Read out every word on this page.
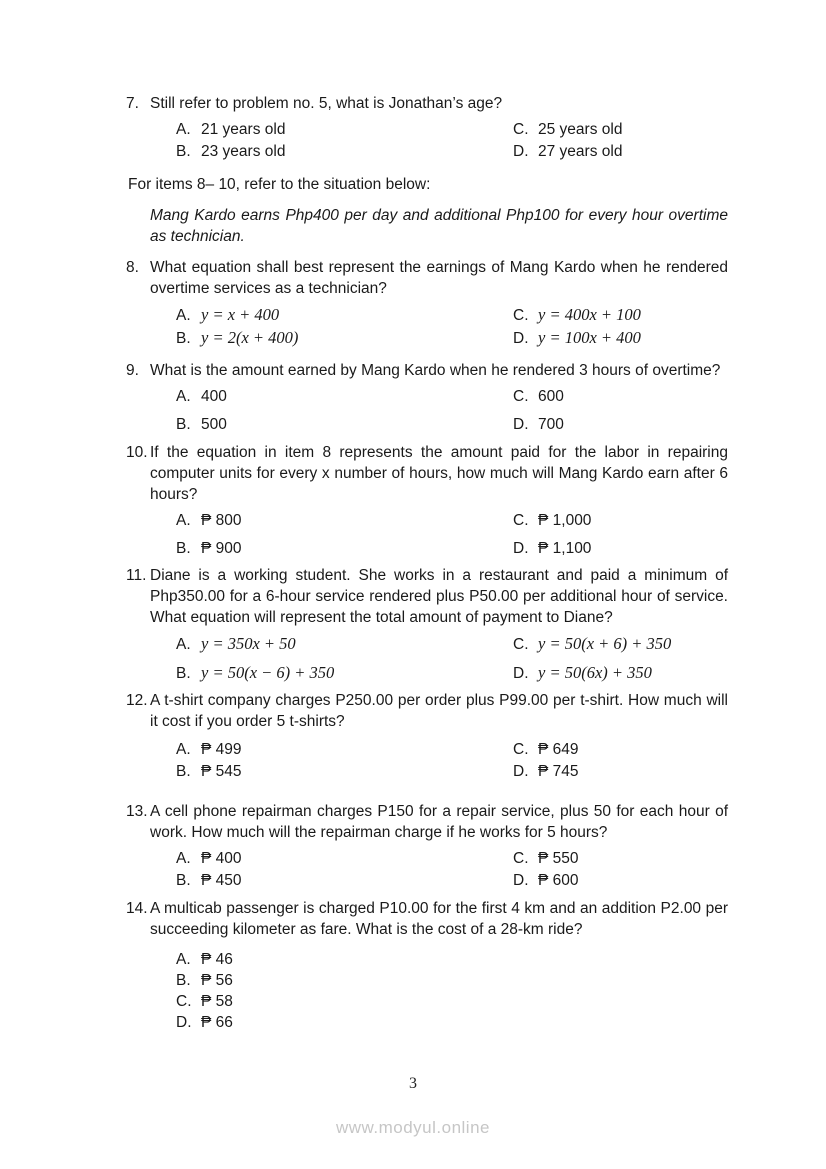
7. Still refer to problem no. 5, what is Jonathan’s age?
A. 21 years old	C. 25 years old
B. 23 years old	D. 27 years old
For items 8– 10, refer to the situation below:
Mang Kardo earns Php400 per day and additional Php100 for every hour overtime as technician.
8. What equation shall best represent the earnings of Mang Kardo when he rendered overtime services as a technician?
A. y = x + 400	C. y = 400x + 100
B. y = 2(x + 400)	D. y = 100x + 400
9. What is the amount earned by Mang Kardo when he rendered 3 hours of overtime?
A. 400	C. 600
B. 500	D. 700
10. If the equation in item 8 represents the amount paid for the labor in repairing computer units for every x number of hours, how much will Mang Kardo earn after 6 hours?
A. ₱ 800	C. ₱ 1,000
B. ₱ 900	D. ₱ 1,100
11. Diane is a working student. She works in a restaurant and paid a minimum of Php350.00 for a 6-hour service rendered plus P50.00 per additional hour of service. What equation will represent the total amount of payment to Diane?
A. y = 350x + 50	C. y = 50(x + 6) + 350
B. y = 50(x − 6) + 350	D. y = 50(6x) + 350
12. A t-shirt company charges P250.00 per order plus P99.00 per t-shirt. How much will it cost if you order 5 t-shirts?
A. ₱ 499	C. ₱ 649
B. ₱ 545	D. ₱ 745
13. A cell phone repairman charges P150 for a repair service, plus 50 for each hour of work. How much will the repairman charge if he works for 5 hours?
A. ₱ 400	C. ₱ 550
B. ₱ 450	D. ₱ 600
14. A multicab passenger is charged P10.00 for the first 4 km and an addition P2.00 per succeeding kilometer as fare. What is the cost of a 28-km ride?
A. ₱ 46
B. ₱ 56
C. ₱ 58
D. ₱ 66
3
www.modyul.online
